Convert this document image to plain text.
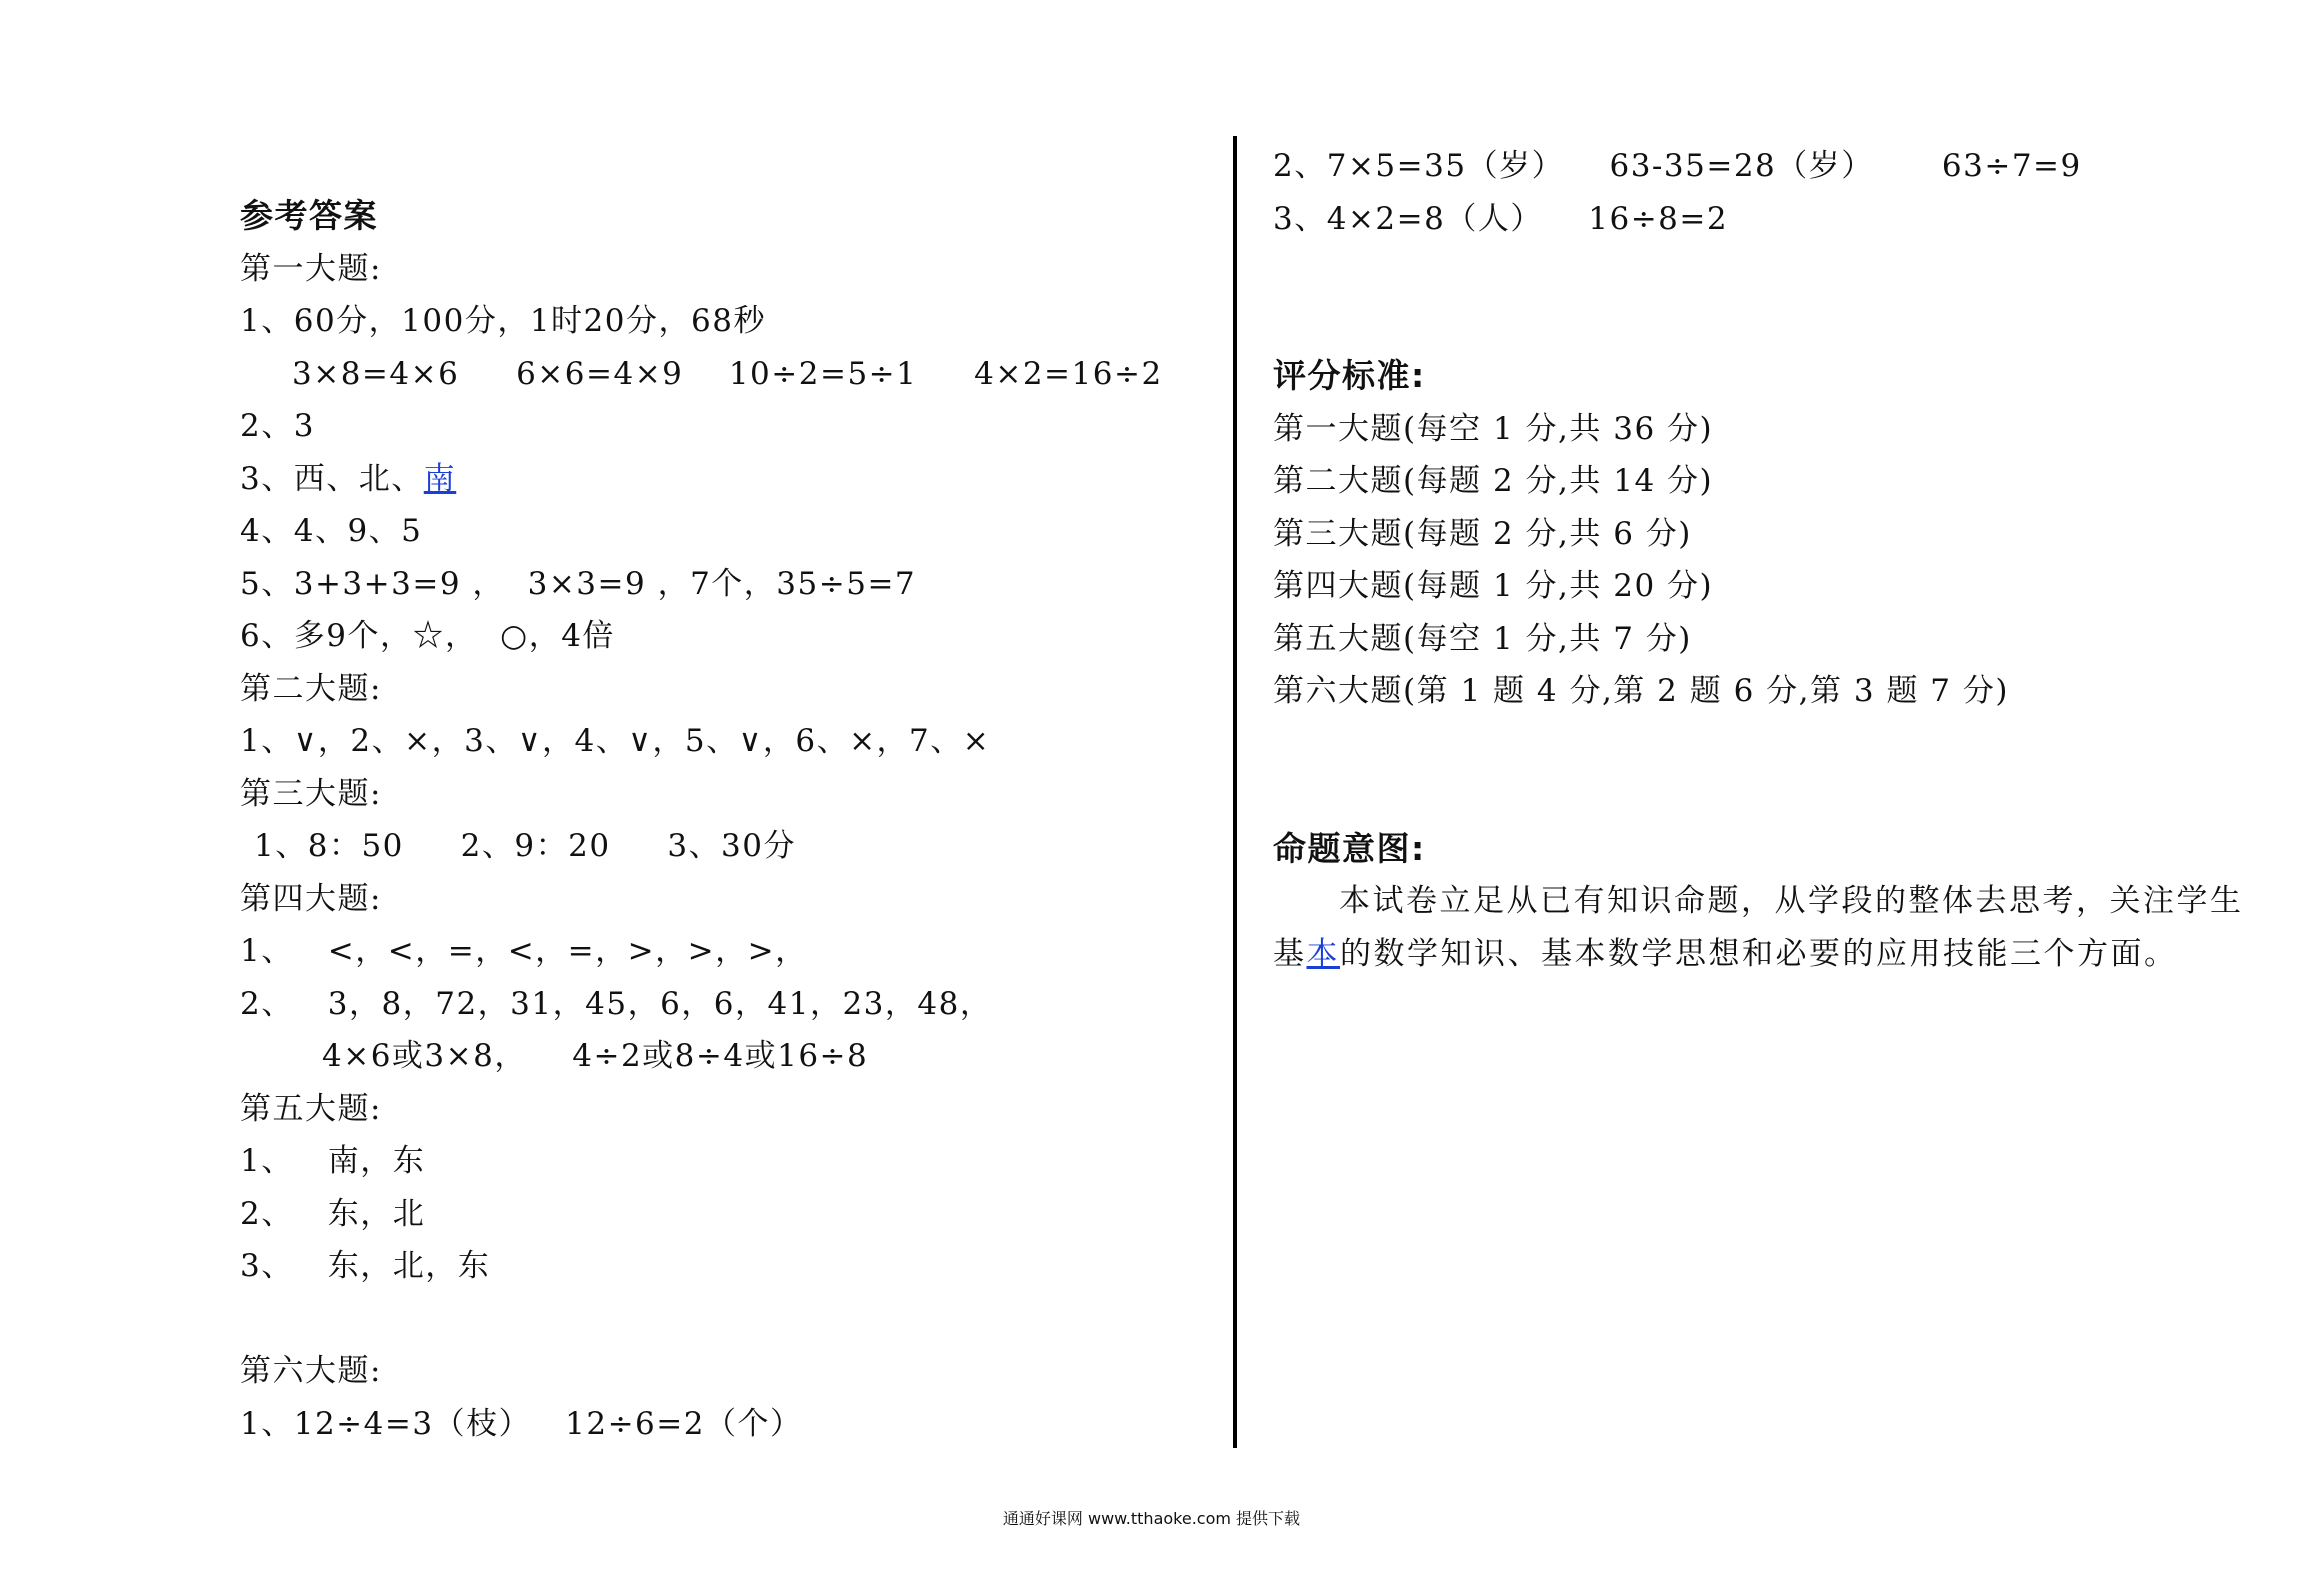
参考答案
第一大题:
1、60分，100分，1时20分，68秒
3×8=4×6     6×6=4×9    10÷2=5÷1     4×2=16÷2
2、3
3、西、北、南
4、4、9、5
5、3+3+3=9 ，  3×3=9 ，7个，35÷5=7
6、多9个，☆，  ○，4倍
第二大题:
1、∨，2、×，3、∨，4、∨，5、∨，6、×，7、×
第三大题:
1、8：50     2、9：20     3、30分
第四大题:
1、   <，<，=，<，=，>，>，>，
2、   3，8，72，31，45，6，6，41，23，48，
4×6或3×8，    4÷2或8÷4或16÷8
第五大题:
1、   南，东
2、   东，北
3、   东，北，东
第六大题:
1、12÷4=3（枝）   12÷6=2（个）
2、7×5=35（岁）    63-35=28（岁）      63÷7=9
3、4×2=8（人）    16÷8=2
评分标准:
第一大题(每空 1 分,共 36 分)
第二大题(每题 2 分,共 14 分)
第三大题(每题 2 分,共 6 分)
第四大题(每题 1 分,共 20 分)
第五大题(每空 1 分,共 7 分)
第六大题(第 1 题 4 分,第 2 题 6 分,第 3 题 7 分)
命题意图:

本试卷立足从已有知识命题，从学段的整体去思考，关注学生基本的数学知识、基本数学思想和必要的应用技能三个方面。

通通好课网 www.tthaoke.com 提供下载
